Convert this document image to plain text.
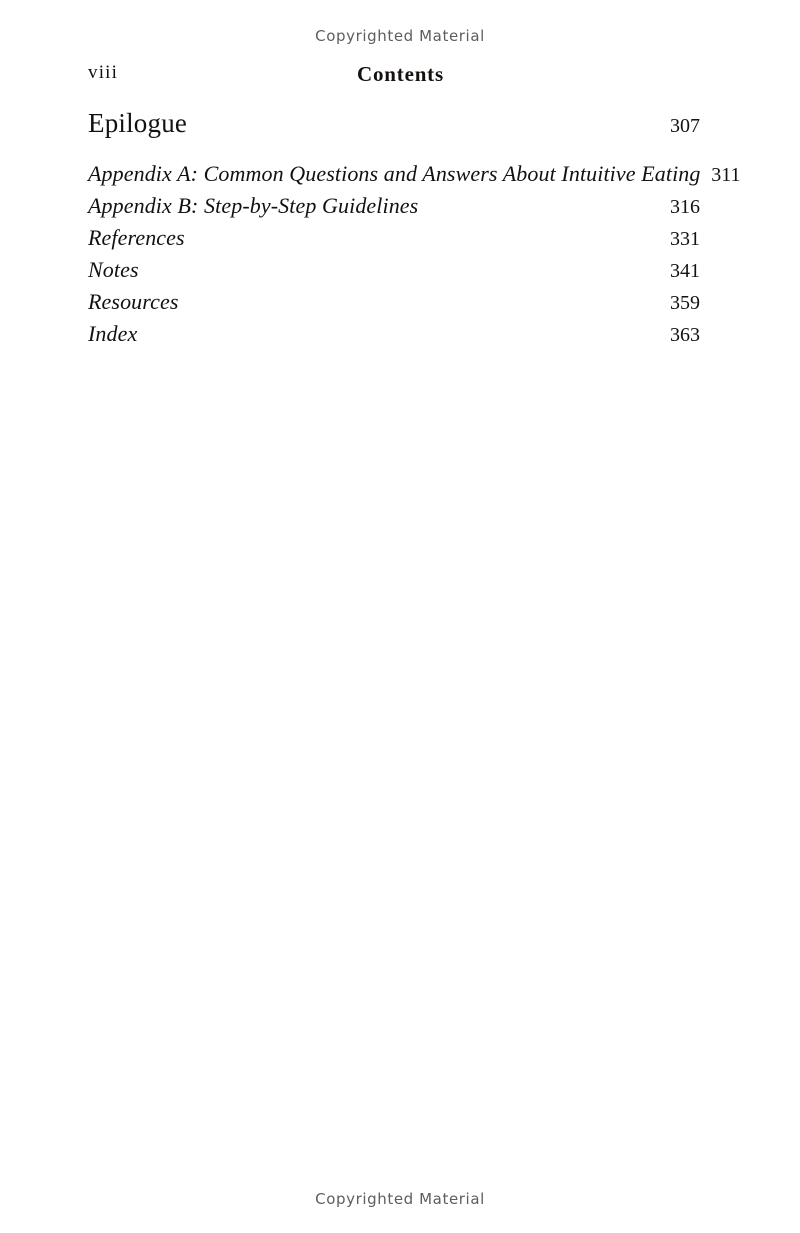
Copyrighted Material
viii	Contents
Epilogue	307
Appendix A: Common Questions and Answers About Intuitive Eating 311
Appendix B: Step-by-Step Guidelines	316
References	331
Notes	341
Resources	359
Index	363
Copyrighted Material
